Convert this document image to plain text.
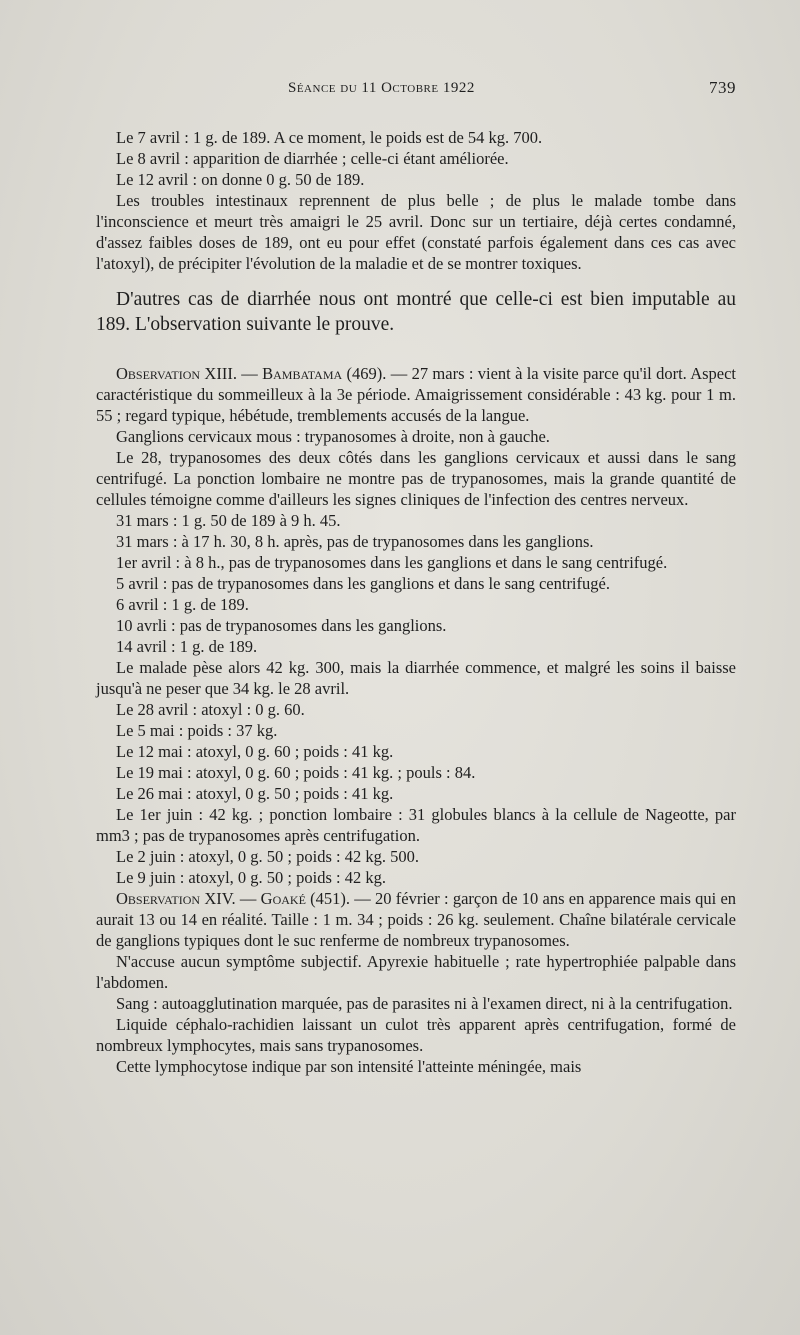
Séance du 11 Octobre 1922	739

Le 7 avril : 1 g. de 189. A ce moment, le poids est de 54 kg. 700.

Le 8 avril : apparition de diarrhée ; celle-ci étant améliorée.

Le 12 avril : on donne 0 g. 50 de 189.

Les troubles intestinaux reprennent de plus belle ; de plus le malade tombe dans l'inconscience et meurt très amaigri le 25 avril. Donc sur un tertiaire, déjà certes condamné, d'assez faibles doses de 189, ont eu pour effet (constaté parfois également dans ces cas avec l'atoxyl), de précipiter l'évolution de la maladie et de se montrer toxiques.

D'autres cas de diarrhée nous ont montré que celle-ci est bien imputable au 189. L'observation suivante le prouve.

Observation XIII. — Bambatama (469). — 27 mars : vient à la visite parce qu'il dort. Aspect caractéristique du sommeilleux à la 3e période. Amaigrissement considérable : 43 kg. pour 1 m. 55 ; regard typique, hébétude, tremblements accusés de la langue.

Ganglions cervicaux mous : trypanosomes à droite, non à gauche.

Le 28, trypanosomes des deux côtés dans les ganglions cervicaux et aussi dans le sang centrifugé. La ponction lombaire ne montre pas de trypanosomes, mais la grande quantité de cellules témoigne comme d'ailleurs les signes cliniques de l'infection des centres nerveux.

31 mars : 1 g. 50 de 189 à 9 h. 45.

31 mars : à 17 h. 30, 8 h. après, pas de trypanosomes dans les ganglions.

1er avril : à 8 h., pas de trypanosomes dans les ganglions et dans le sang centrifugé.

5 avril : pas de trypanosomes dans les ganglions et dans le sang centrifugé.

6 avril : 1 g. de 189.

10 avrli : pas de trypanosomes dans les ganglions.

14 avril : 1 g. de 189.

Le malade pèse alors 42 kg. 300, mais la diarrhée commence, et malgré les soins il baisse jusqu'à ne peser que 34 kg. le 28 avril.

Le 28 avril : atoxyl : 0 g. 60.

Le 5 mai : poids : 37 kg.

Le 12 mai : atoxyl, 0 g. 60 ; poids : 41 kg.

Le 19 mai : atoxyl, 0 g. 60 ; poids : 41 kg. ; pouls : 84.

Le 26 mai : atoxyl, 0 g. 50 ; poids : 41 kg.

Le 1er juin : 42 kg. ; ponction lombaire : 31 globules blancs à la cellule de Nageotte, par mm3 ; pas de trypanosomes après centrifugation.

Le 2 juin : atoxyl, 0 g. 50 ; poids : 42 kg. 500.

Le 9 juin : atoxyl, 0 g. 50 ; poids : 42 kg.

Observation XIV. — Goaké (451). — 20 février : garçon de 10 ans en apparence mais qui en aurait 13 ou 14 en réalité. Taille : 1 m. 34 ; poids : 26 kg. seulement. Chaîne bilatérale cervicale de ganglions typiques dont le suc renferme de nombreux trypanosomes.

N'accuse aucun symptôme subjectif. Apyrexie habituelle ; rate hypertrophiée palpable dans l'abdomen.

Sang : autoagglutination marquée, pas de parasites ni à l'examen direct, ni à la centrifugation.

Liquide céphalo-rachidien laissant un culot très apparent après centrifugation, formé de nombreux lymphocytes, mais sans trypanosomes.

Cette lymphocytose indique par son intensité l'atteinte méningée, mais
